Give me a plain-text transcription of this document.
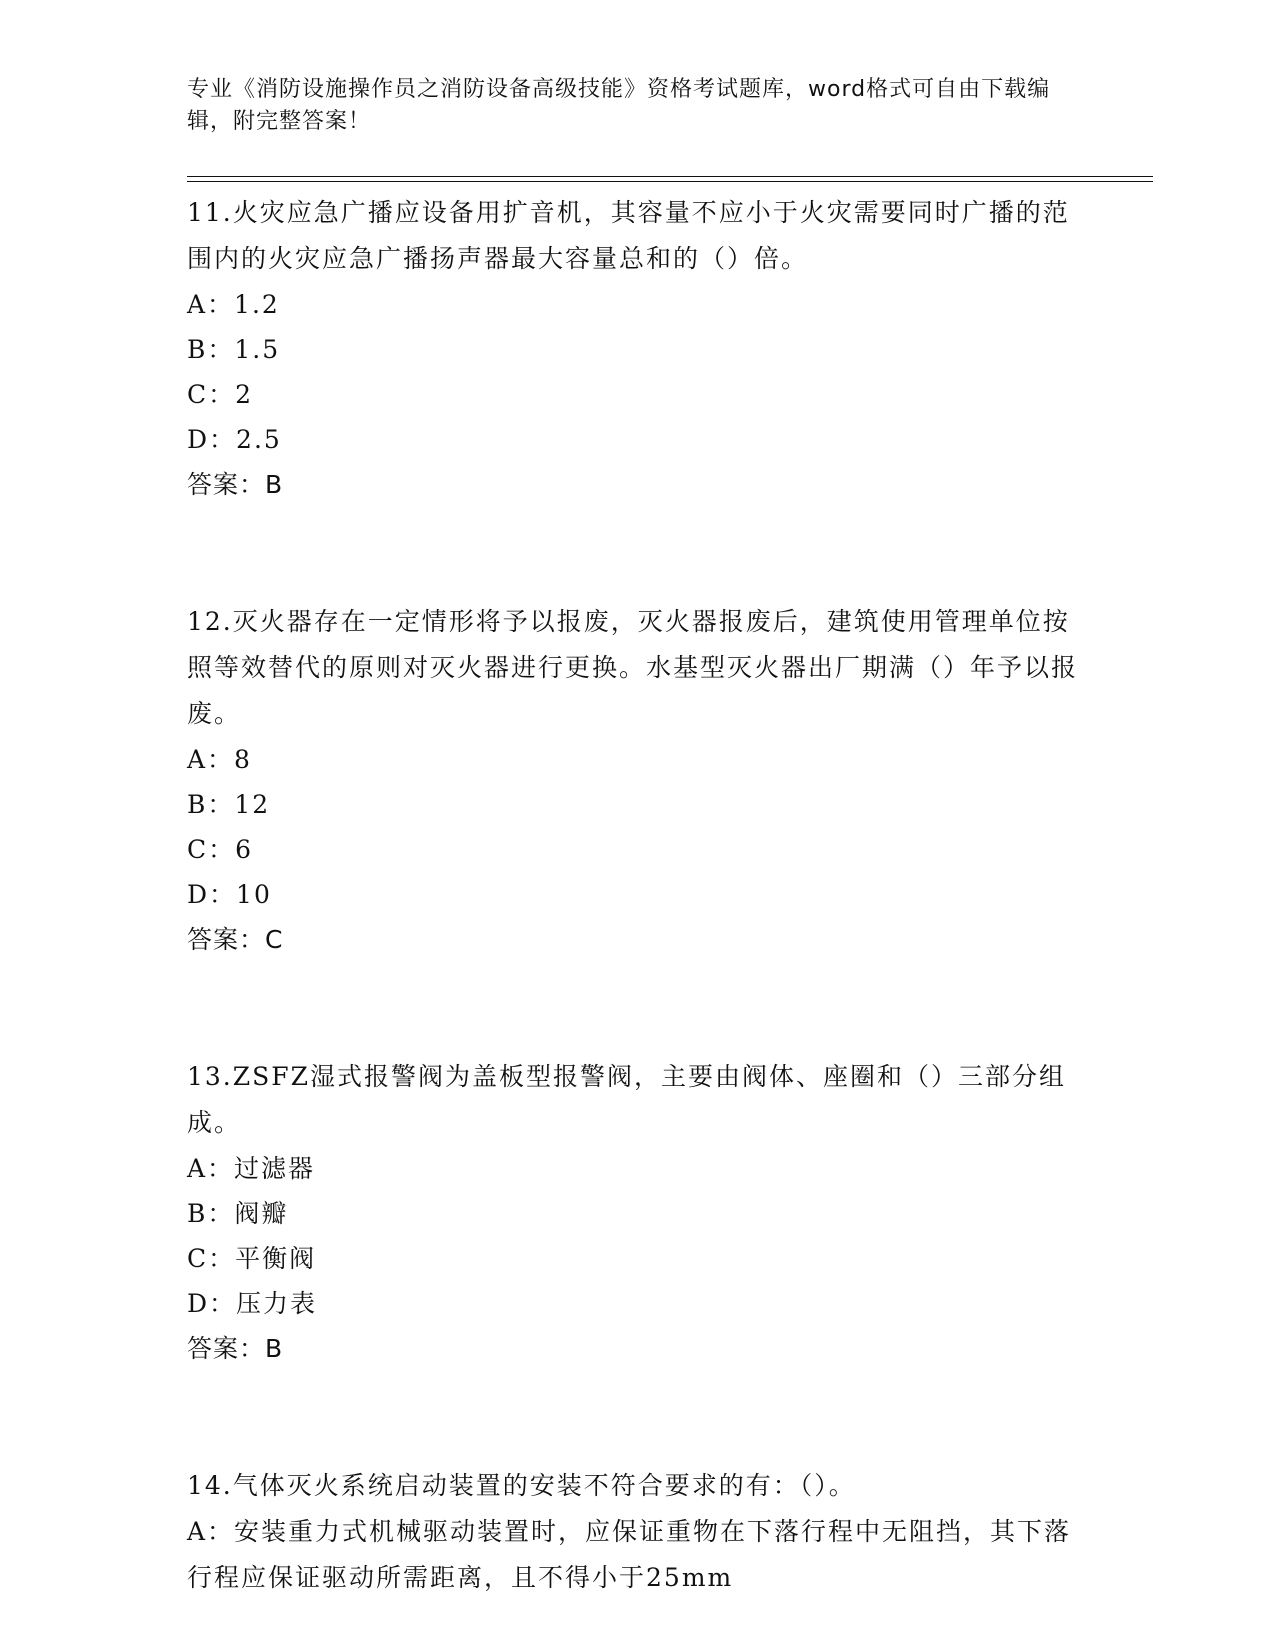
专业《消防设施操作员之消防设备高级技能》资格考试题库，word格式可自由下载编辑，附完整答案！
11.火灾应急广播应设备用扩音机，其容量不应小于火灾需要同时广播的范围内的火灾应急广播扬声器最大容量总和的（）倍。
A：1.2
B：1.5
C：2
D：2.5
答案：B
12.灭火器存在一定情形将予以报废，灭火器报废后，建筑使用管理单位按照等效替代的原则对灭火器进行更换。水基型灭火器出厂期满（）年予以报废。
A：8
B：12
C：6
D：10
答案：C
13.ZSFZ湿式报警阀为盖板型报警阀，主要由阀体、座圈和（）三部分组成。
A：过滤器
B：阀瓣
C：平衡阀
D：压力表
答案：B
14.气体灭火系统启动装置的安装不符合要求的有：（）。
A：安装重力式机械驱动装置时，应保证重物在下落行程中无阻挡，其下落行程应保证驱动所需距离，且不得小于25mm
